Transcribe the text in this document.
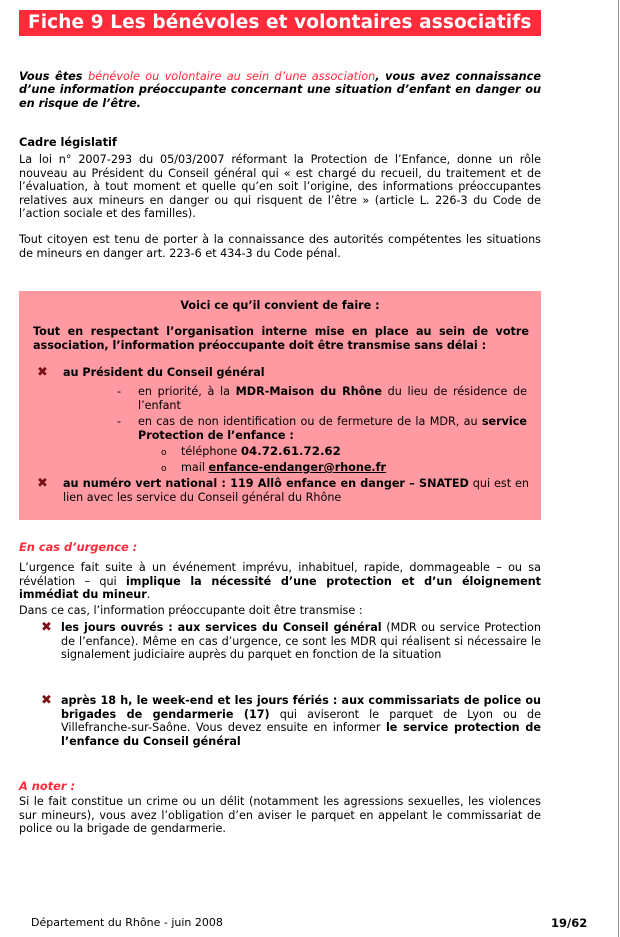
Fiche 9 Les bénévoles et volontaires associatifs
Vous êtes bénévole ou volontaire au sein d’une association, vous avez connaissance d’une information préoccupante concernant une situation d’enfant en danger ou en risque de l’être.
Cadre législatif
La loi n° 2007-293 du 05/03/2007 réformant la Protection de l’Enfance, donne un rôle nouveau au Président du Conseil général qui « est chargé du recueil, du traitement et de l’évaluation, à tout moment et quelle qu’en soit l’origine, des informations préoccupantes relatives aux mineurs en danger ou qui risquent de l’être » (article L. 226-3 du Code de l’action sociale et des familles).
Tout citoyen est tenu de porter à la connaissance des autorités compétentes les situations de mineurs en danger art. 223-6 et 434-3 du Code pénal.
Voici ce qu’il convient de faire :
Tout en respectant l’organisation interne mise en place au sein de votre association, l’information préoccupante doit être transmise sans délai :
✖ au Président du Conseil général
- en priorité, à la MDR-Maison du Rhône du lieu de résidence de l’enfant
- en cas de non identification ou de fermeture de la MDR, au service Protection de l’enfance :
o téléphone 04.72.61.72.62
o mail enfance-endanger@rhone.fr
✖ au numéro vert national : 119 Allô enfance en danger – SNATED qui est en lien avec les service du Conseil général du Rhône
En cas d’urgence :
L’urgence fait suite à un événement imprévu, inhabituel, rapide, dommageable – ou sa révélation – qui implique la nécessité d’une protection et d’un éloignement immédiat du mineur.
Dans ce cas, l’information préoccupante doit être transmise :
✖ les jours ouvrés : aux services du Conseil général (MDR ou service Protection de l’enfance). Même en cas d’urgence, ce sont les MDR qui réalisent si nécessaire le signalement judiciaire auprès du parquet en fonction de la situation
✖ après 18 h, le week-end et les jours fériés : aux commissariats de police ou brigades de gendarmerie (17) qui aviseront le parquet de Lyon ou de Villefranche-sur-Saône. Vous devez ensuite en informer le service protection de l’enfance du Conseil général
A noter :
Si le fait constitue un crime ou un délit (notamment les agressions sexuelles, les violences sur mineurs), vous avez l’obligation d’en aviser le parquet en appelant le commissariat de police ou la brigade de gendarmerie.
Département du Rhône - juin 2008	19/62
